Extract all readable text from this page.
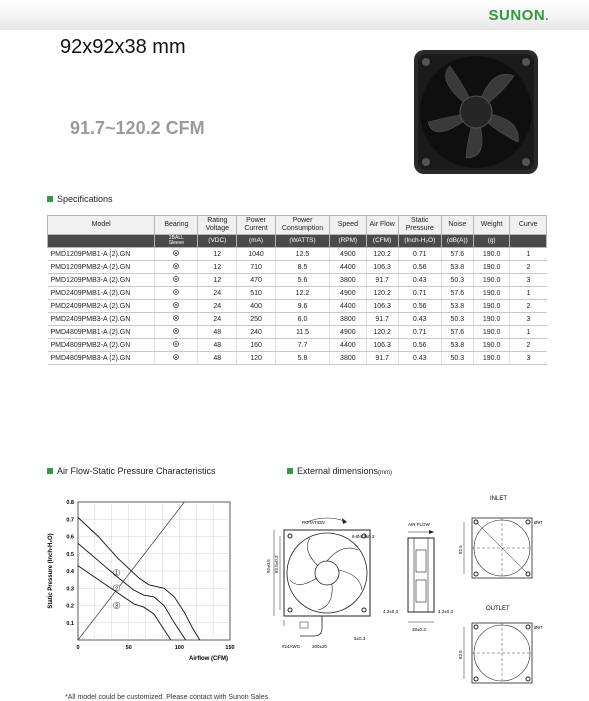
SUNON.
92x92x38 mm
91.7~120.2 CFM
Specifications
Model	Bearing	Rating Voltage	Power Current	Power Consumption	Speed	Air Flow	Static Pressure	Noise	Weight	Curve
	2BALL
Sleeve	(VDC)	(mA)	(WATTS)	(RPM)	(CFM)	(Inch-H₂O)	(dB(A))	(g)	
PMD1209PMB1-A (2).GN		12	1040	12.5	4900	120.2	0.71	57.6	190.0	1
PMD1209PMB2-A (2).GN		12	710	8.5	4400	106.3	0.56	53.8	190.0	2
PMD1209PMB3-A (2).GN		12	470	5.6	3800	91.7	0.43	50.3	190.0	3
PMD2409PMB1-A (2).GN		24	510	12.2	4900	120.2	0.71	57.6	190.0	1
PMD2409PMB2-A (2).GN		24	400	9.6	4400	106.3	0.56	53.8	190.0	2
PMD2409PMB3-A (2).GN		24	250	6.0	3800	91.7	0.43	50.3	190.0	3
PMD4809PMB1-A (2).GN		48	240	11.5	4900	120.2	0.71	57.6	190.0	1
PMD4809PMB2-A (2).GN		48	160	7.7	4400	106.3	0.56	53.8	190.0	2
PMD4809PMB3-A (2).GN		48	120	5.8	3800	91.7	0.43	50.3	190.0	3
Air Flow-Static Pressure Characteristics	External dimensions(mm)
0	50	100	150
0.1
0.2
0.3
0.4
0.5
0.6
0.7
0.8
Airflow (CFM)
Static Pressure (Inch-H₂O)	1
2
3
ROTATION
8-Ø4.3±0.3
92±0.5 82.5±0.3
#24AWG	300±20
5±0.3
AIR FLOW
4.2±0.3
38±0.3
4.2±0.3
INLET
Ø97
82.5
OUTLET
Ø97
82.5
*All model could be customized. Please contact with Sunon Sales.
